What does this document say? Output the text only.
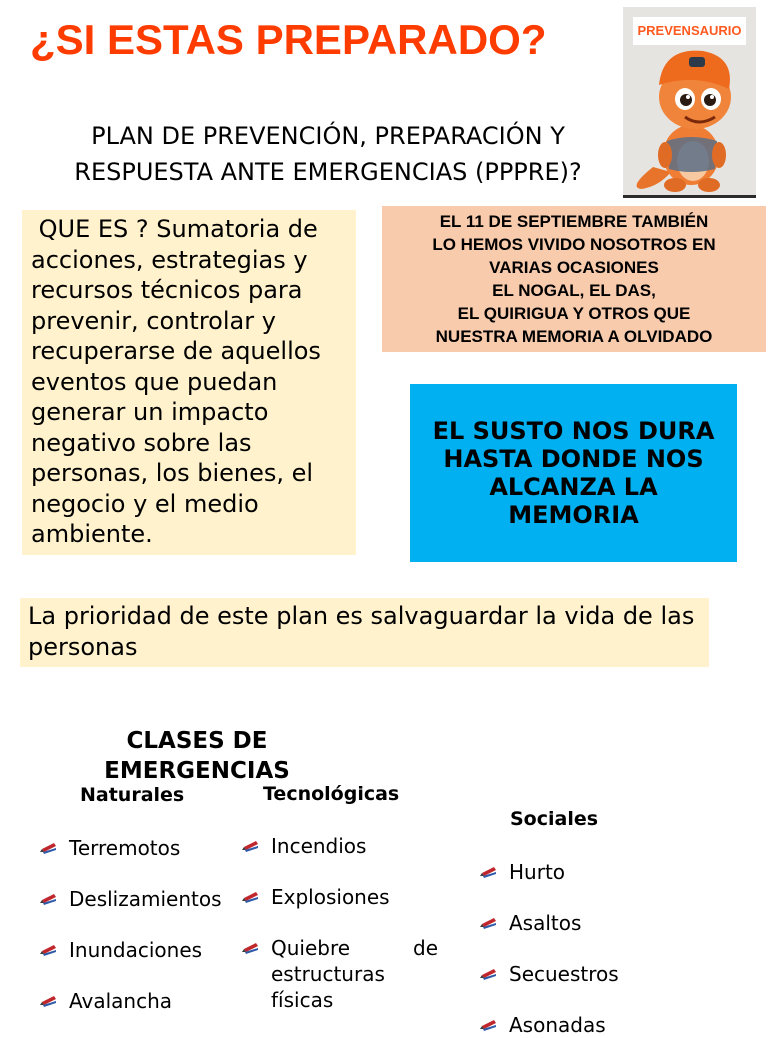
¿SI ESTAS PREPARADO?
PLAN DE PREVENCIÓN, PREPARACIÓN Y
RESPUESTA ANTE EMERGENCIAS (PPPRE)?
PREVENSAURIO
QUE ES ? Sumatoria de acciones, estrategias y recursos técnicos para prevenir, controlar y recuperarse de aquellos eventos que puedan generar un impacto negativo sobre las personas, los bienes, el negocio y el medio ambiente.
EL 11 DE SEPTIEMBRE TAMBIÉN
LO HEMOS VIVIDO NOSOTROS EN
VARIAS OCASIONES
EL NOGAL, EL DAS,
EL QUIRIGUA Y OTROS QUE
NUESTRA MEMORIA A OLVIDADO
EL SUSTO NOS DURA
HASTA DONDE NOS
ALCANZA LA
MEMORIA
La prioridad de este plan es salvaguardar la vida de las personas
CLASES DE
EMERGENCIAS
Naturales	Tecnológicas
Sociales
Terremotos
Deslizamientos
Inundaciones
Avalancha
Incendios
Explosiones
Quiebre de estructuras físicas
Hurto
Asaltos
Secuestros
Asonadas
